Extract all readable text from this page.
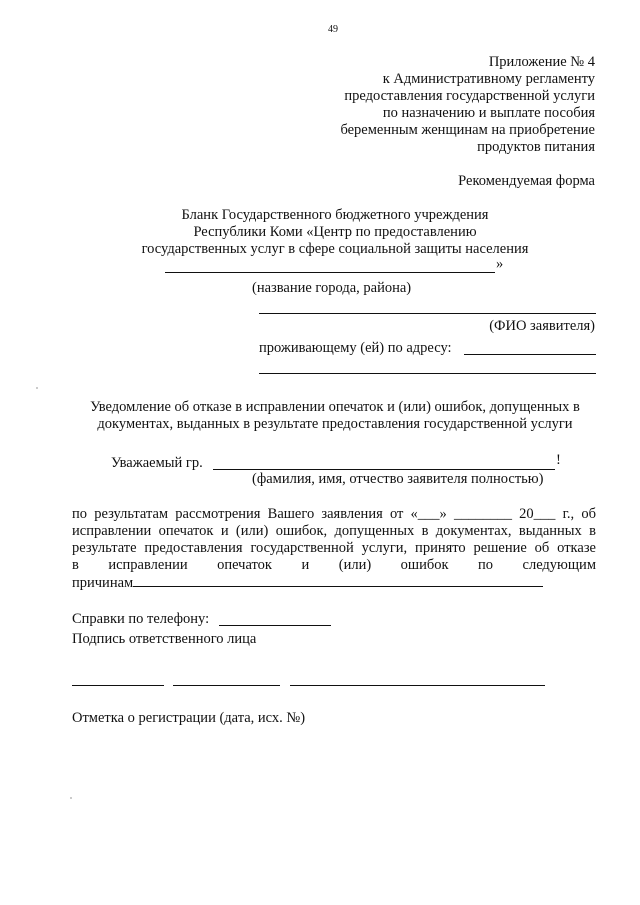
49
Приложение № 4
к Административному регламенту
предоставления государственной услуги
по назначению и выплате пособия
беременным женщинам на приобретение
продуктов питания
Рекомендуемая форма
Бланк Государственного бюджетного учреждения
Республики Коми «Центр по предоставлению
государственных услуг в сфере социальной защиты населения
»
(название города, района)
(ФИО заявителя)
проживающему (ей) по адресу:
Уведомление об отказе в исправлении опечаток и (или) ошибок, допущенных в
документах, выданных в результате предоставления государственной услуги
Уважаемый гр.	!
(фамилия, имя, отчество заявителя полностью)
по результатам рассмотрения Вашего заявления от «___» ________ 20___ г., об
исправлении опечаток и (или) ошибок, допущенных в документах, выданных в
результате предоставления государственной услуги, принято решение об отказе
в исправлении опечаток и (или) ошибок по следующим
причинам
Справки по телефону:
Подпись ответственного лица
Отметка о регистрации (дата, исх. №)
